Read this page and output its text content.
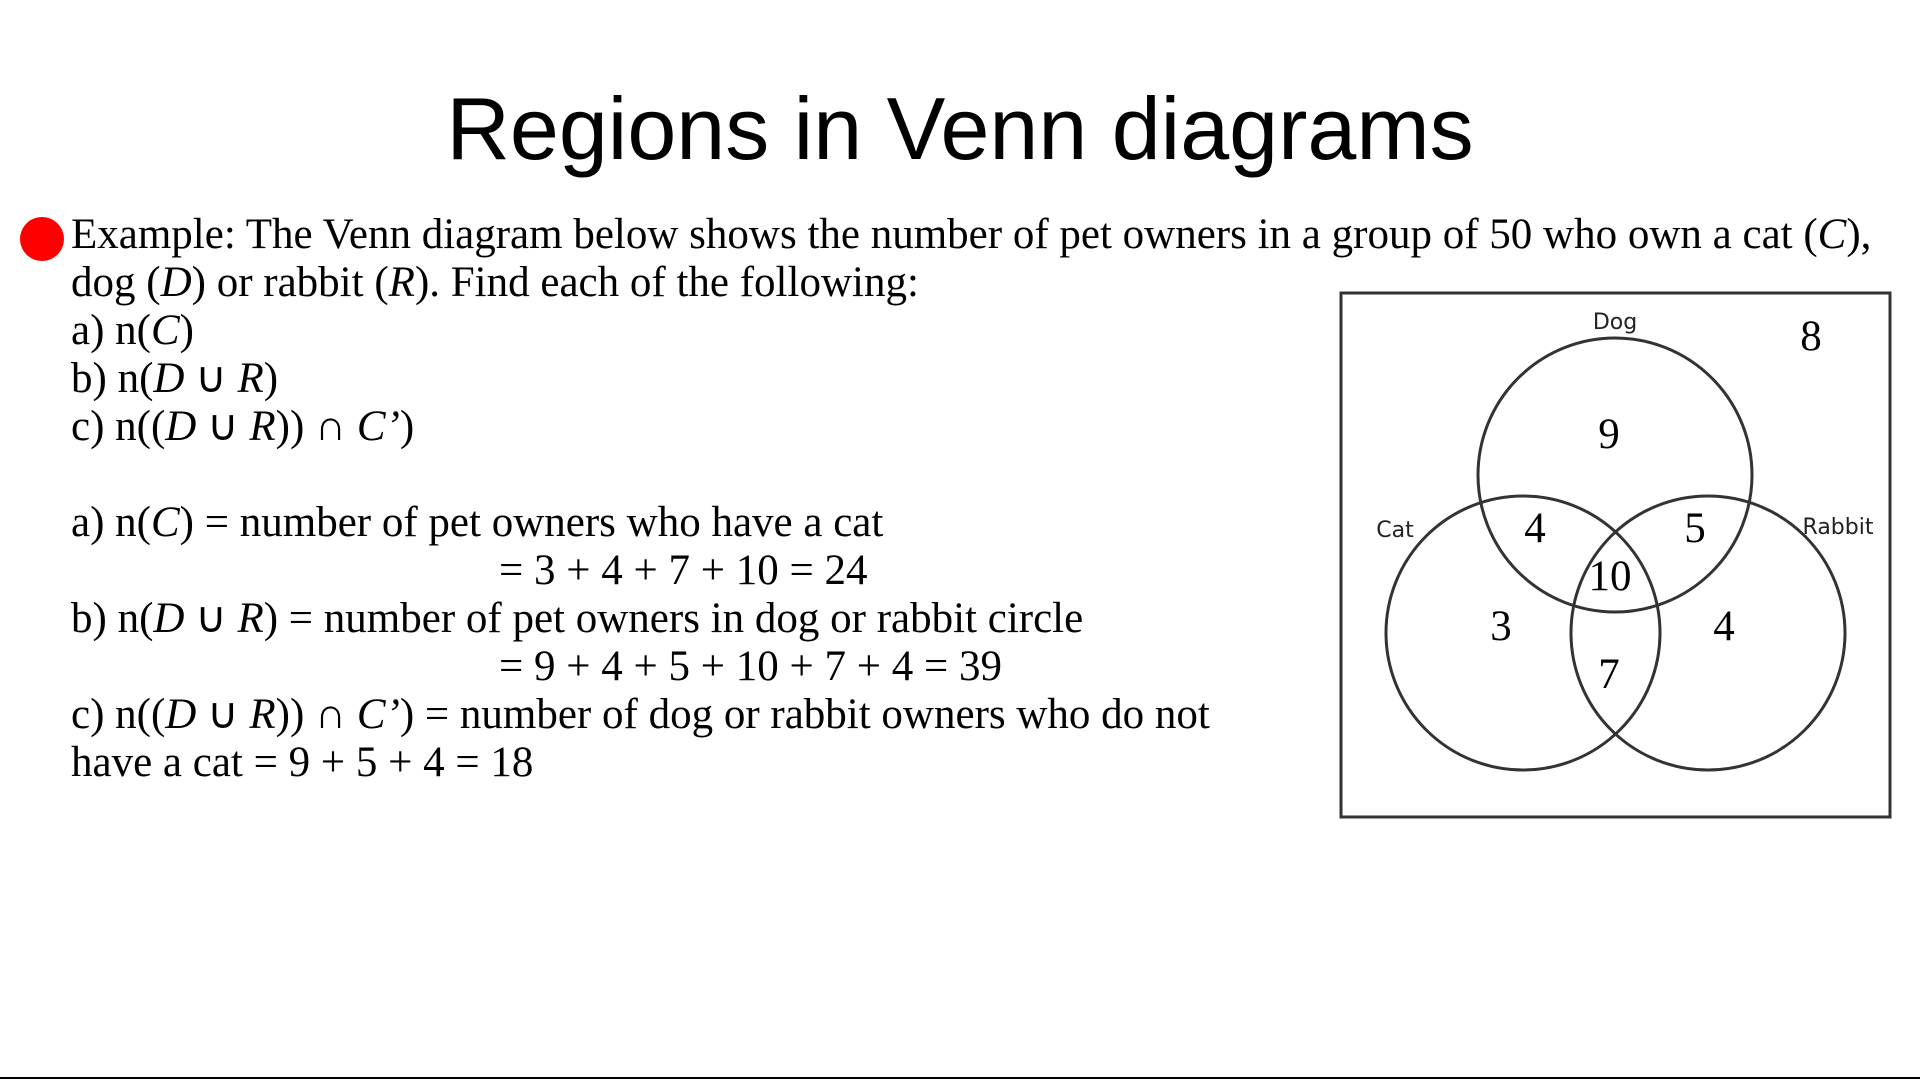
Regions in Venn diagrams
Example: The Venn diagram below shows the number of pet owners in a group of 50 who own a cat (C),
dog (D) or rabbit (R). Find each of the following:
a) n(C)
b) n(D ∪ R)
c) n((D ∪ R)) ∩ C’)
a) n(C) = number of pet owners who have a cat
= 3 + 4 + 7 + 10 = 24
b) n(D ∪ R) = number of pet owners in dog or rabbit circle
= 9 + 4 + 5 + 10 + 7 + 4 = 39
c) n((D ∪ R)) ∩ C’) = number of dog or rabbit owners who do not
have a cat = 9 + 5 + 4 = 18
Dog
Cat	Rabbit
8
9
4	5
10
3	4
7
